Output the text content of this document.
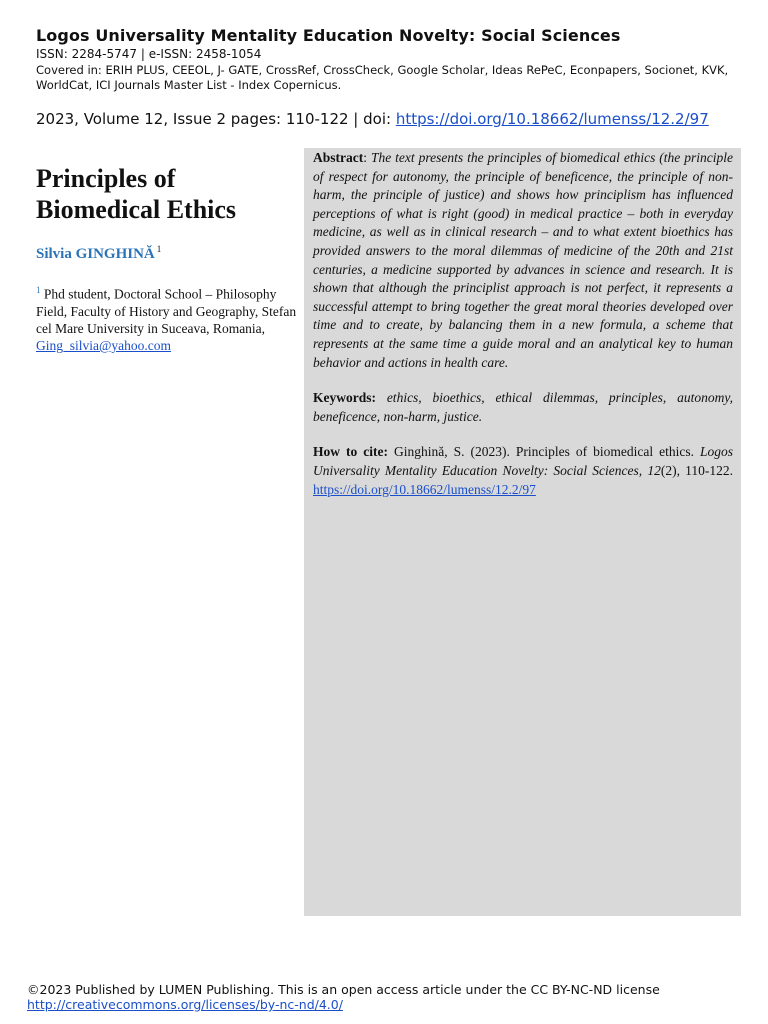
Logos Universality Mentality Education Novelty: Social Sciences
ISSN: 2284-5747 | e-ISSN: 2458-1054
Covered in: ERIH PLUS, CEEOL, J- GATE, CrossRef, CrossCheck, Google Scholar, Ideas RePeC, Econpapers, Socionet, KVK, WorldCat, ICI Journals Master List - Index Copernicus.
2023, Volume 12, Issue 2 pages: 110-122 | doi: https://doi.org/10.18662/lumenss/12.2/97
Principles of Biomedical Ethics
Silvia GINGHINĂ $^1$
$^1$ Phd student, Doctoral School – Philosophy Field, Faculty of History and Geography, Stefan cel Mare University in Suceava, Romania,
Ging_silvia@yahoo.com

Abstract: The text presents the principles of biomedical ethics (the principle of respect for autonomy, the principle of beneficence, the principle of non-harm, the principle of justice) and shows how principlism has influenced perceptions of what is right (good) in medical practice – both in everyday medicine, as well as in clinical research – and to what extent bioethics has provided answers to the moral dilemmas of medicine of the 20th and 21st centuries, a medicine supported by advances in science and research. It is shown that although the principlist approach is not perfect, it represents a successful attempt to bring together the great moral theories developed over time and to create, by balancing them in a new formula, a scheme that represents at the same time a guide moral and an analytical key to human behavior and actions in health care.

Keywords: ethics, bioethics, ethical dilemmas, principles, autonomy, beneficence, non-harm, justice.

How to cite: Ginghină, S. (2023). Principles of biomedical ethics. Logos Universality Mentality Education Novelty: Social Sciences, 12(2), 110-122. https://doi.org/10.18662/lumenss/12.2/97

©2023 Published by LUMEN Publishing. This is an open access article under the CC BY-NC-ND license
http://creativecommons.org/licenses/by-nc-nd/4.0/
